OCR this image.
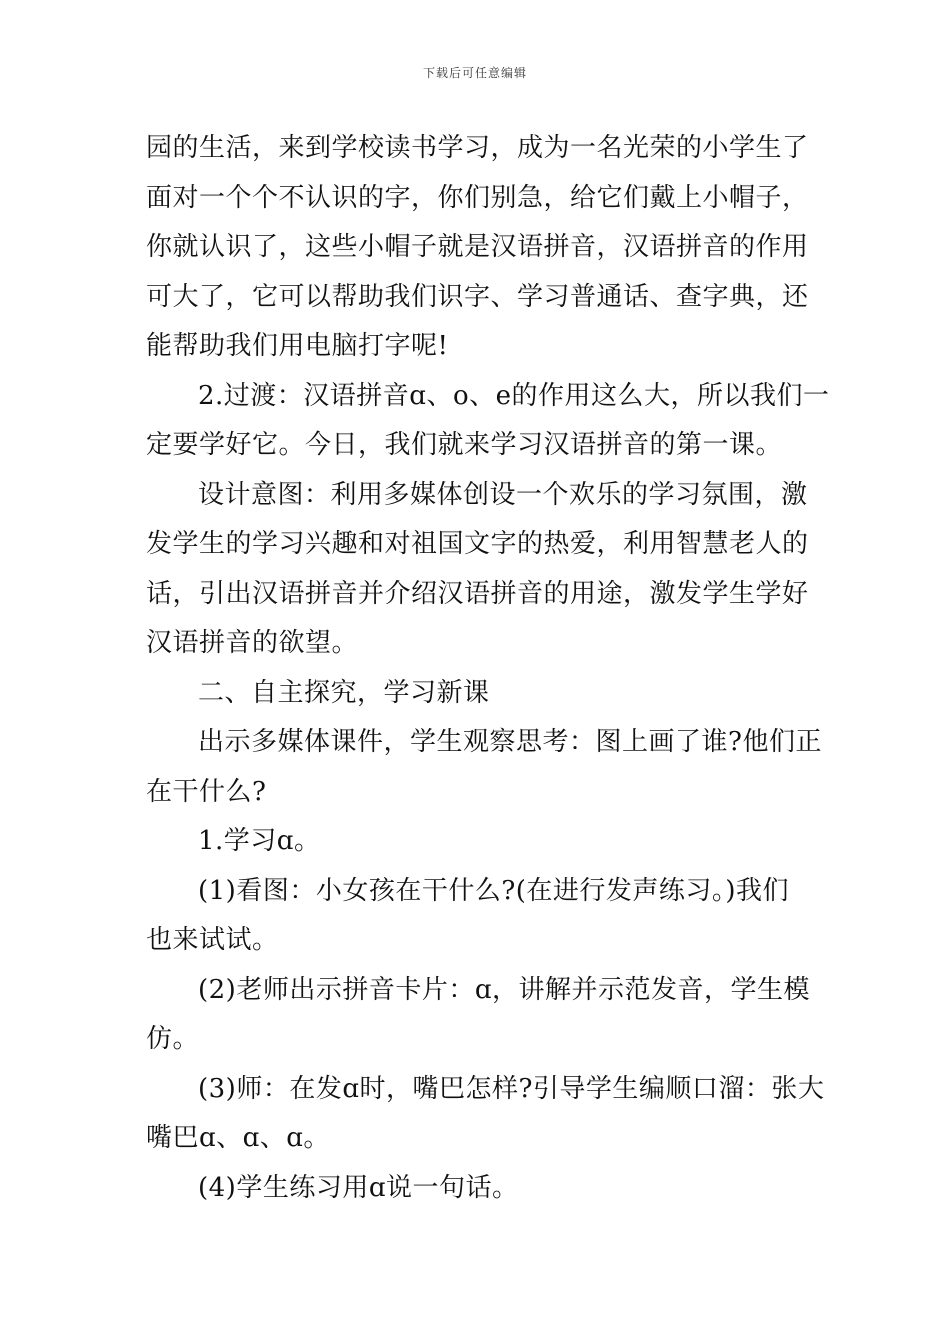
下载后可任意编辑
园的生活，来到学校读书学习，成为一名光荣的小学生了
面对一个个不认识的字，你们别急，给它们戴上小帽子，
你就认识了，这些小帽子就是汉语拼音，汉语拼音的作用
可大了，它可以帮助我们识字、学习普通话、查字典，还
能帮助我们用电脑打字呢!
2.过渡：汉语拼音ɑ、o、e的作用这么大，所以我们一
定要学好它。今日，我们就来学习汉语拼音的第一课。
设计意图：利用多媒体创设一个欢乐的学习氛围，激
发学生的学习兴趣和对祖国文字的热爱，利用智慧老人的
话，引出汉语拼音并介绍汉语拼音的用途，激发学生学好
汉语拼音的欲望。
二、自主探究，学习新课
出示多媒体课件，学生观察思考：图上画了谁?他们正
在干什么?
1.学习ɑ。
(1)看图：小女孩在干什么?(在进行发声练习。)我们
也来试试。
(2)老师出示拼音卡片：ɑ，讲解并示范发音，学生模
仿。
(3)师：在发ɑ时，嘴巴怎样?引导学生编顺口溜：张大
嘴巴ɑ、ɑ、ɑ。
(4)学生练习用ɑ说一句话。
